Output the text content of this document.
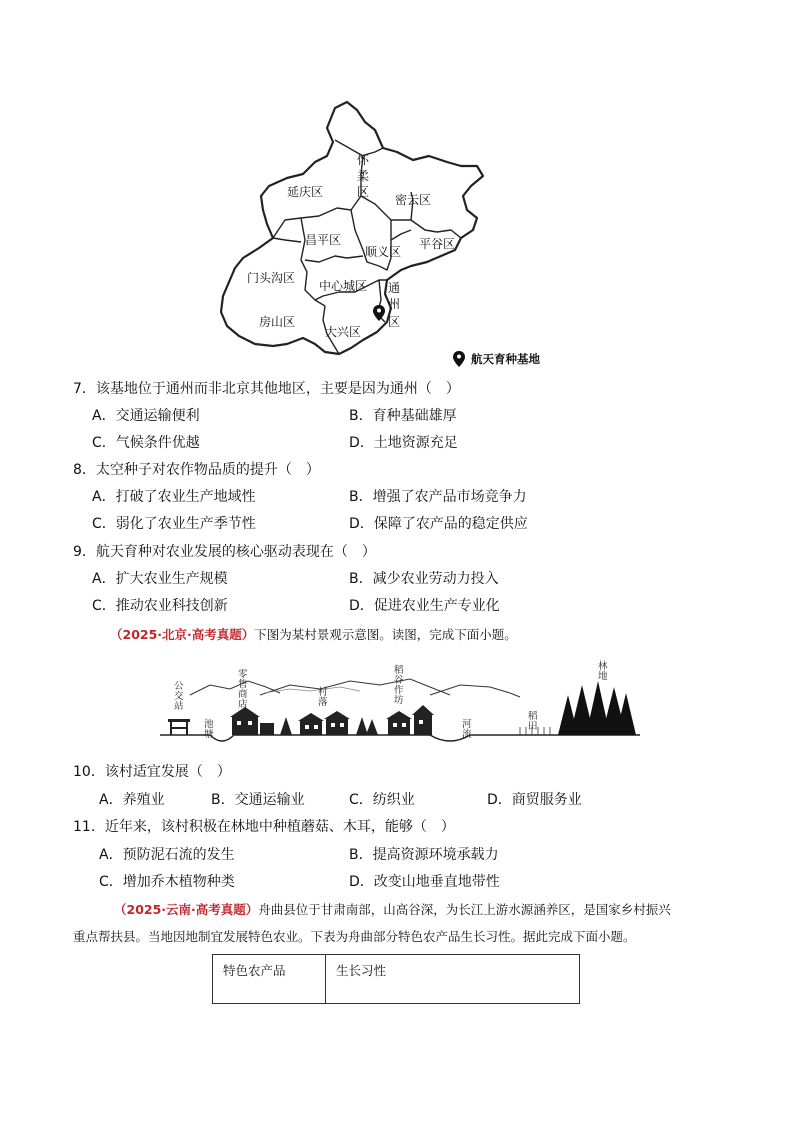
怀
柔
区
延庆区
密云区
昌平区
顺义区
平谷区
门头沟区
中心城区 通
州
区
房山区
大兴区
航天育种基地
7．该基地位于通州而非北京其他地区，主要是因为通州（　）
A．交通运输便利	B．育种基础雄厚
C．气候条件优越	D．土地资源充足
8．太空种子对农作物品质的提升（　）
A．打破了农业生产地域性	B．增强了农产品市场竞争力
C．弱化了农业生产季节性	D．保障了农产品的稳定供应
9．航天育种对农业发展的核心驱动表现在（　）
A．扩大农业生产规模	B．减少农业劳动力投入
C．推动农业科技创新	D．促进农业生产专业化
（2025·北京·高考真题）下图为某村景观示意图。读图，完成下面小题。
公交站
零售商店
池塘
村落
稻谷作坊
河流
稻田
林地
10．该村适宜发展（　）
A．养殖业	B．交通运输业	C．纺织业	D．商贸服务业
11．近年来，该村积极在林地中种植蘑菇、木耳，能够（　）
A．预防泥石流的发生	B．提高资源环境承载力
C．增加乔木植物种类	D．改变山地垂直地带性
（2025·云南·高考真题）舟曲县位于甘肃南部，山高谷深，为长江上游水源涵养区，是国家乡村振兴
重点帮扶县。当地因地制宜发展特色农业。下表为舟曲部分特色农产品生长习性。据此完成下面小题。
特色农产品	生长习性
